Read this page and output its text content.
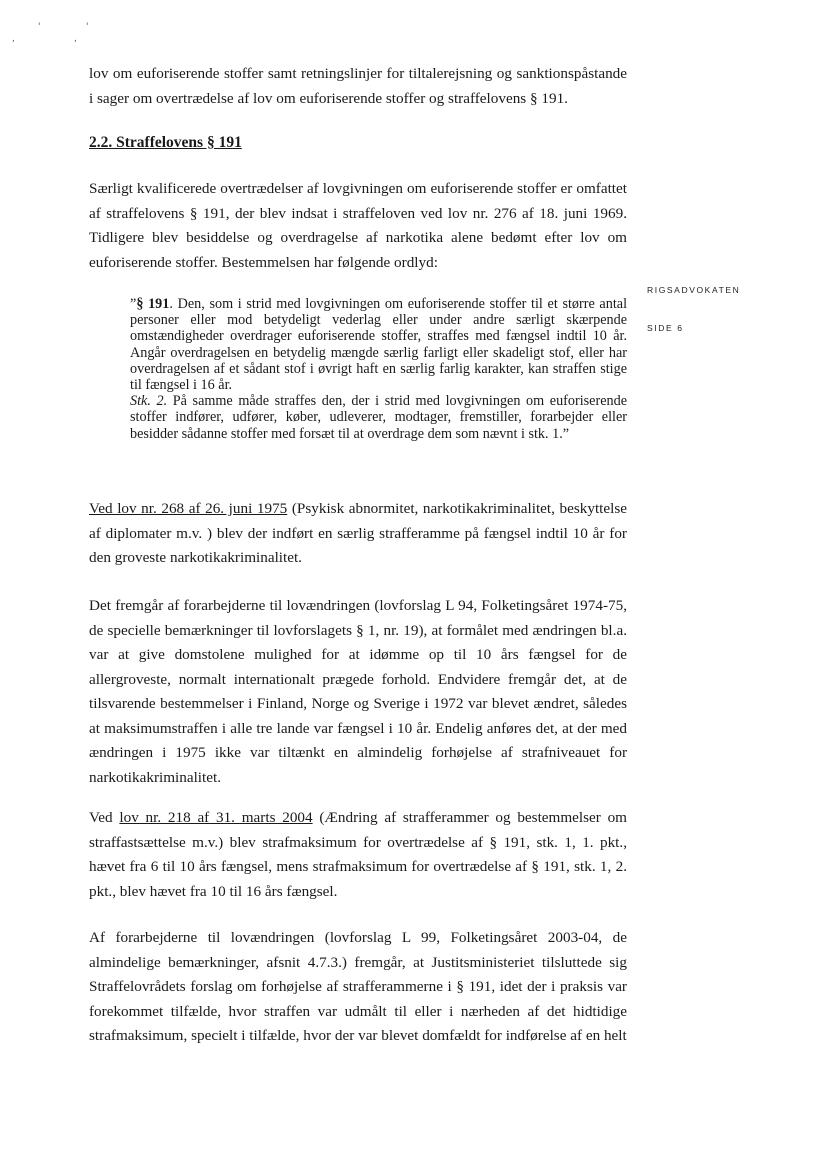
,
'
,
'

lov om euforiserende stoffer samt retningslinjer for tiltalerejsning og sanktionspåstande i sager om overtrædelse af lov om euforiserende stoffer og straffelovens § 191.

2.2. Straffelovens § 191

Særligt kvalificerede overtrædelser af lovgivningen om euforiserende stoffer er omfattet af straffelovens § 191, der blev indsat i straffeloven ved lov nr. 276 af 18. juni 1969. Tidligere blev besiddelse og overdragelse af narkotika alene bedømt efter lov om euforiserende stoffer. Bestemmelsen har følgende ordlyd:

”§ 191. Den, som i strid med lovgivningen om euforiserende stoffer til et større antal personer eller mod betydeligt vederlag eller under andre særligt skærpende omstændigheder overdrager euforiserende stoffer, straffes med fængsel indtil 10 år. Angår overdragelsen en betydelig mængde særlig farligt eller skadeligt stof, eller har overdragelsen af et sådant stof i øvrigt haft en særlig farlig karakter, kan straffen stige til fængsel i 16 år.

Stk. 2. På samme måde straffes den, der i strid med lovgivningen om euforiserende stoffer indfører, udfører, køber, udleverer, modtager, fremstiller, forarbejder eller besidder sådanne stoffer med forsæt til at overdrage dem som nævnt i stk. 1.”

Ved lov nr. 268 af 26. juni 1975 (Psykisk abnormitet, narkotikakriminalitet, beskyttelse af diplomater m.v. ) blev der indført en særlig strafferamme på fængsel indtil 10 år for den groveste narkotikakriminalitet.

Det fremgår af forarbejderne til lovændringen (lovforslag L 94, Folketingsåret 1974-75, de specielle bemærkninger til lovforslagets § 1, nr. 19), at formålet med ændringen bl.a. var at give domstolene mulighed for at idømme op til 10 års fængsel for de allergroveste, normalt internationalt prægede forhold. Endvidere fremgår det, at de tilsvarende bestemmelser i Finland, Norge og Sverige i 1972 var blevet ændret, således at maksimumstraffen i alle tre lande var fængsel i 10 år. Endelig anføres det, at der med ændringen i 1975 ikke var tiltænkt en almindelig forhøjelse af strafniveauet for narkotikakriminalitet.

Ved lov nr. 218 af 31. marts 2004 (Ændring af strafferammer og bestemmelser om straffastsættelse m.v.) blev strafmaksimum for overtrædelse af § 191, stk. 1, 1. pkt., hævet fra 6 til 10 års fængsel, mens strafmaksimum for overtrædelse af § 191, stk. 1, 2. pkt., blev hævet fra 10 til 16 års fængsel.

Af forarbejderne til lovændringen (lovforslag L 99, Folketingsåret 2003-04, de almindelige bemærkninger, afsnit 4.7.3.) fremgår, at Justitsministeriet tilsluttede sig Straffelovrådets forslag om forhøjelse af strafferammerne i § 191, idet der i praksis var forekommet tilfælde, hvor straffen var udmålt til eller i nærheden af det hidtidige strafmaksimum, specielt i tilfælde, hvor der var blevet domfældt for indførelse af en helt

RIGSADVOKATEN
SIDE 6
